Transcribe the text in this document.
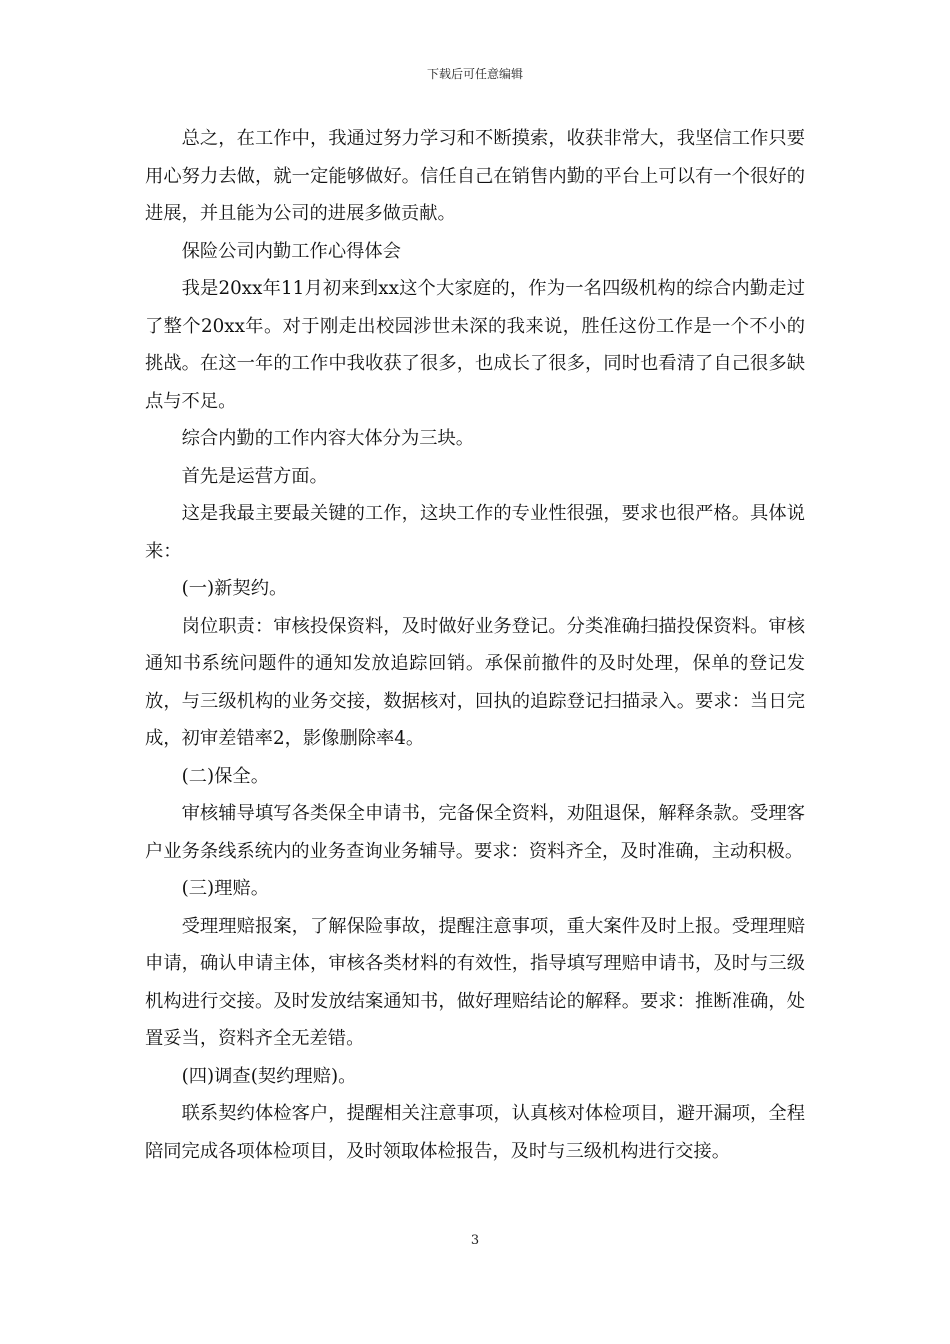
下载后可任意编辑

总之，在工作中，我通过努力学习和不断摸索，收获非常大，我坚信工作只要用心努力去做，就一定能够做好。信任自己在销售内勤的平台上可以有一个很好的进展，并且能为公司的进展多做贡献。

保险公司内勤工作心得体会

我是20xx年11月初来到xx这个大家庭的，作为一名四级机构的综合内勤走过了整个20xx年。对于刚走出校园涉世未深的我来说，胜任这份工作是一个不小的挑战。在这一年的工作中我收获了很多，也成长了很多，同时也看清了自己很多缺点与不足。

综合内勤的工作内容大体分为三块。

首先是运营方面。

这是我最主要最关键的工作，这块工作的专业性很强，要求也很严格。具体说来：

(一)新契约。

岗位职责：审核投保资料，及时做好业务登记。分类准确扫描投保资料。审核通知书系统问题件的通知发放追踪回销。承保前撤件的及时处理，保单的登记发放，与三级机构的业务交接，数据核对，回执的追踪登记扫描录入。要求：当日完成，初审差错率2，影像删除率4。

(二)保全。

审核辅导填写各类保全申请书，完备保全资料，劝阻退保，解释条款。受理客户业务条线系统内的业务查询业务辅导。要求：资料齐全，及时准确，主动积极。

(三)理赔。

受理理赔报案，了解保险事故，提醒注意事项，重大案件及时上报。受理理赔申请，确认申请主体，审核各类材料的有效性，指导填写理赔申请书，及时与三级机构进行交接。及时发放结案通知书，做好理赔结论的解释。要求：推断准确，处置妥当，资料齐全无差错。

(四)调查(契约理赔)。

联系契约体检客户，提醒相关注意事项，认真核对体检项目，避开漏项，全程陪同完成各项体检项目，及时领取体检报告，及时与三级机构进行交接。

3
